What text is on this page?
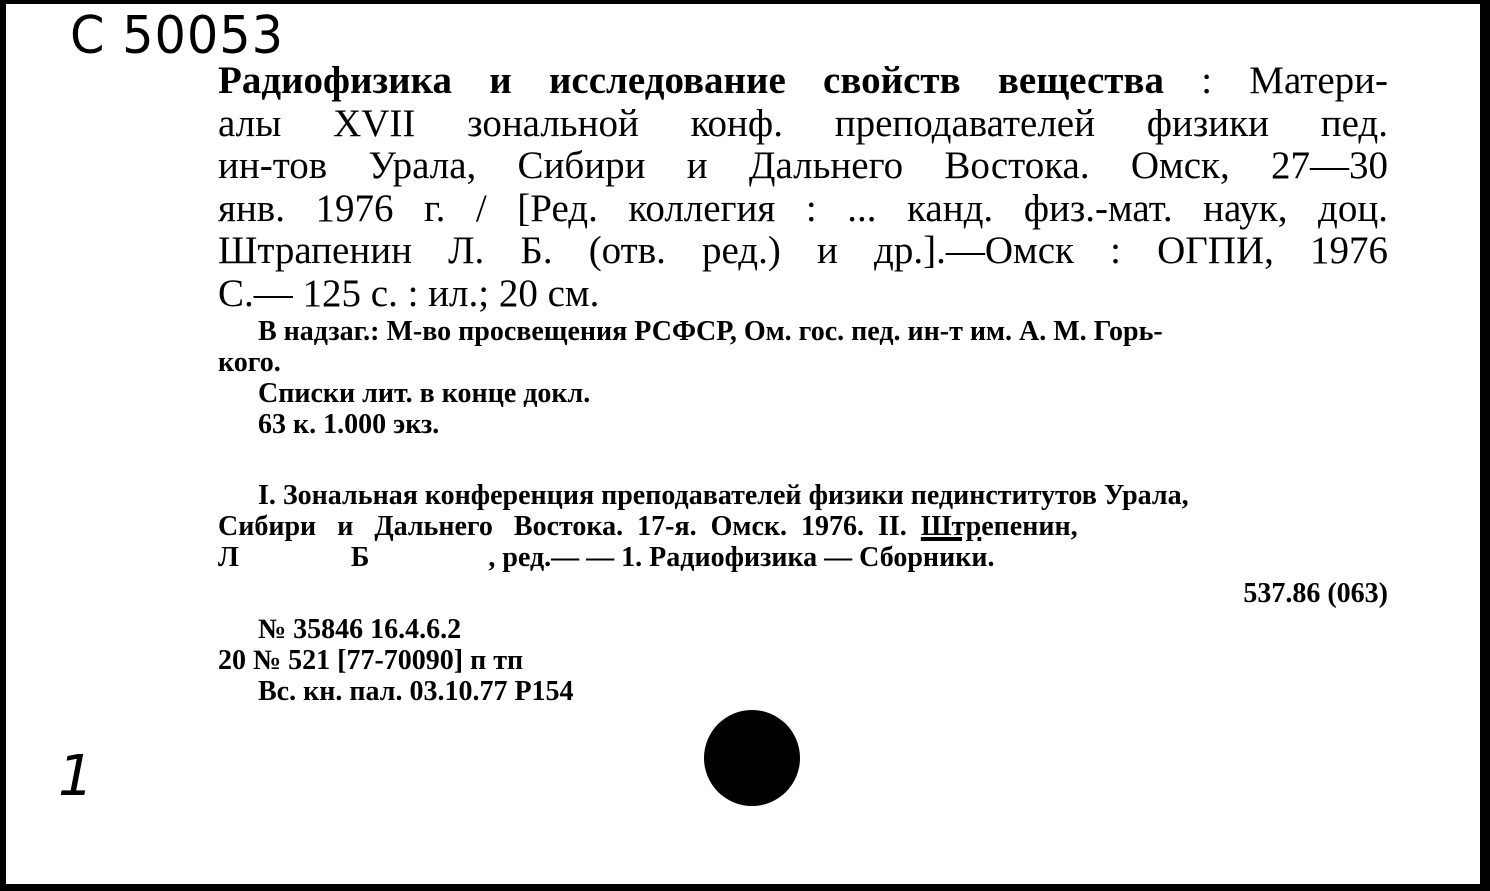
C 50053
Радиофизика и исследование свойств вещества : Матери-
алы XVII зональной конф. преподавателей физики пед.
ин-тов Урала, Сибири и Дальнего Востока. Омск, 27—30
янв. 1976 г. / [Ред. коллегия : ... канд. физ.-мат. наук, доц.
Штрапенин Л. Б. (отв. ред.) и др.].—Омск : ОГПИ, 1976
С.— 125 с. : ил.; 20 см.
В надзаг.: М-во просвещения РСФСР, Ом. гос. пед. ин-т им. А. М. Горь-
кого.
Списки лит. в конце докл.
63 к. 1.000 экз.
I. Зональная конференция преподавателей физики пединститутов Урала,
Сибири   и   Дальнего   Востока.  17-я.  Омск.  1976.  II.  Штрепенин,
Л                Б                 , ред.— — 1. Радиофизика — Сборники.
537.86 (063)
№ 35846 16.4.6.2
20 № 521 [77-70090] п тп
Вс. кн. пал. 03.10.77 Р154
1
